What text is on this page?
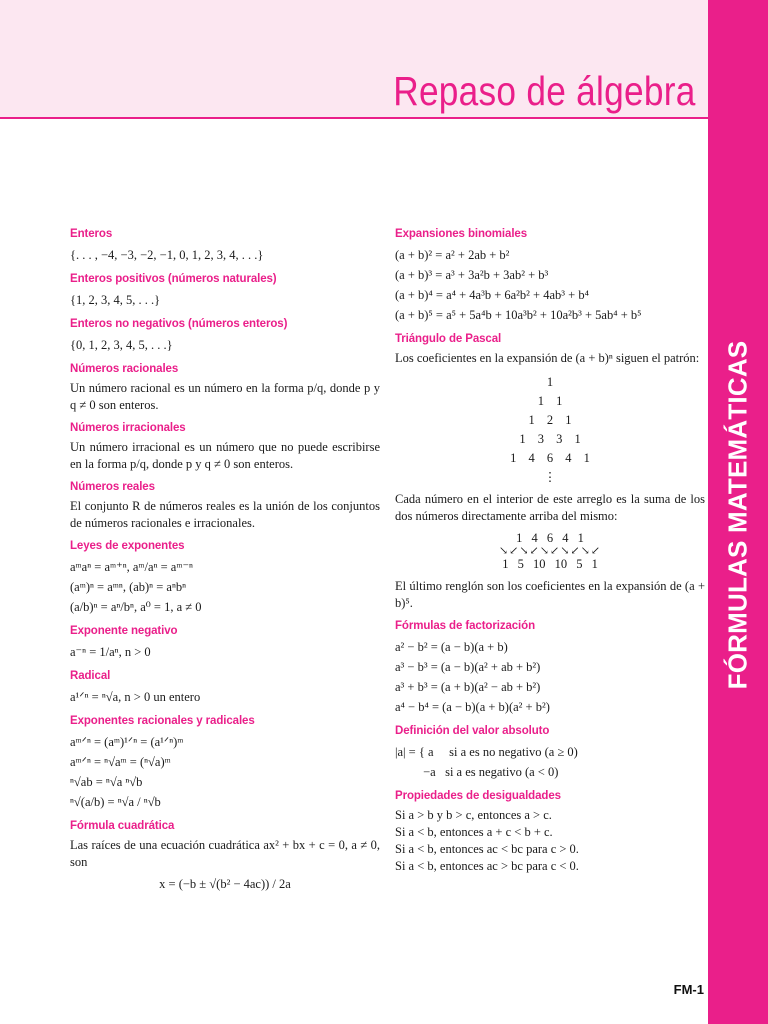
Repaso de álgebra
FÓRMULAS MATEMÁTICAS
Enteros

{. . . , −4, −3, −2, −1, 0, 1, 2, 3, 4, . . .}

Enteros positivos (números naturales)

{1, 2, 3, 4, 5, . . .}

Enteros no negativos (números enteros)

{0, 1, 2, 3, 4, 5, . . .}

Números racionales

Un número racional es un número en la forma p/q, donde p y q ≠ 0 son enteros.

Números irracionales

Un número irracional es un número que no puede escribirse en la forma p/q, donde p y q ≠ 0 son enteros.

Números reales

El conjunto R de números reales es la unión de los conjuntos de números racionales e irracionales.

Leyes de exponentes

aᵐaⁿ = aᵐ⁺ⁿ, aᵐ/aⁿ = aᵐ⁻ⁿ

(aᵐ)ⁿ = aᵐⁿ, (ab)ⁿ = aⁿbⁿ

(a/b)ⁿ = aⁿ/bⁿ, a⁰ = 1, a ≠ 0

Exponente negativo

a⁻ⁿ = 1/aⁿ, n > 0

Radical

a¹ᐟⁿ = ⁿ√a, n > 0 un entero

Exponentes racionales y radicales

aᵐᐟⁿ = (aᵐ)¹ᐟⁿ = (a¹ᐟⁿ)ᵐ

aᵐᐟⁿ = ⁿ√aᵐ = (ⁿ√a)ᵐ

ⁿ√ab = ⁿ√a ⁿ√b

ⁿ√(a/b) = ⁿ√a / ⁿ√b

Fórmula cuadrática

Las raíces de una ecuación cuadrática ax² + bx + c = 0, a ≠ 0, son

x = (−b ± √(b² − 4ac)) / 2a
Expansiones binomiales

(a + b)² = a² + 2ab + b²

(a + b)³ = a³ + 3a²b + 3ab² + b³

(a + b)⁴ = a⁴ + 4a³b + 6a²b² + 4ab³ + b⁴

(a + b)⁵ = a⁵ + 5a⁴b + 10a³b² + 10a²b³ + 5ab⁴ + b⁵

Triángulo de Pascal

Los coeficientes en la expansión de (a + b)ⁿ siguen el patrón:

1
1 1
1 2 1
1 3 3 1
1 4 6 4 1
⋮

Cada número en el interior de este arreglo es la suma de los dos números directamente arriba del mismo:

1 4 6 4 1
↘↙↘↙↘↙↘↙↘↙
1 5 10 10 5 1

El último renglón son los coeficientes en la expansión de (a + b)⁵.

Fórmulas de factorización

a² − b² = (a − b)(a + b)

a³ − b³ = (a − b)(a² + ab + b²)

a³ + b³ = (a + b)(a² − ab + b²)

a⁴ − b⁴ = (a − b)(a + b)(a² + b²)

Definición del valor absoluto

|a| = { a     si a es no negativo (a ≥ 0)

−a   si a es negativo (a < 0)

Propiedades de desigualdades

Si a > b y b > c, entonces a > c.

Si a < b, entonces a + c < b + c.

Si a < b, entonces ac < bc para c > 0.

Si a < b, entonces ac > bc para c < 0.

FM-1
